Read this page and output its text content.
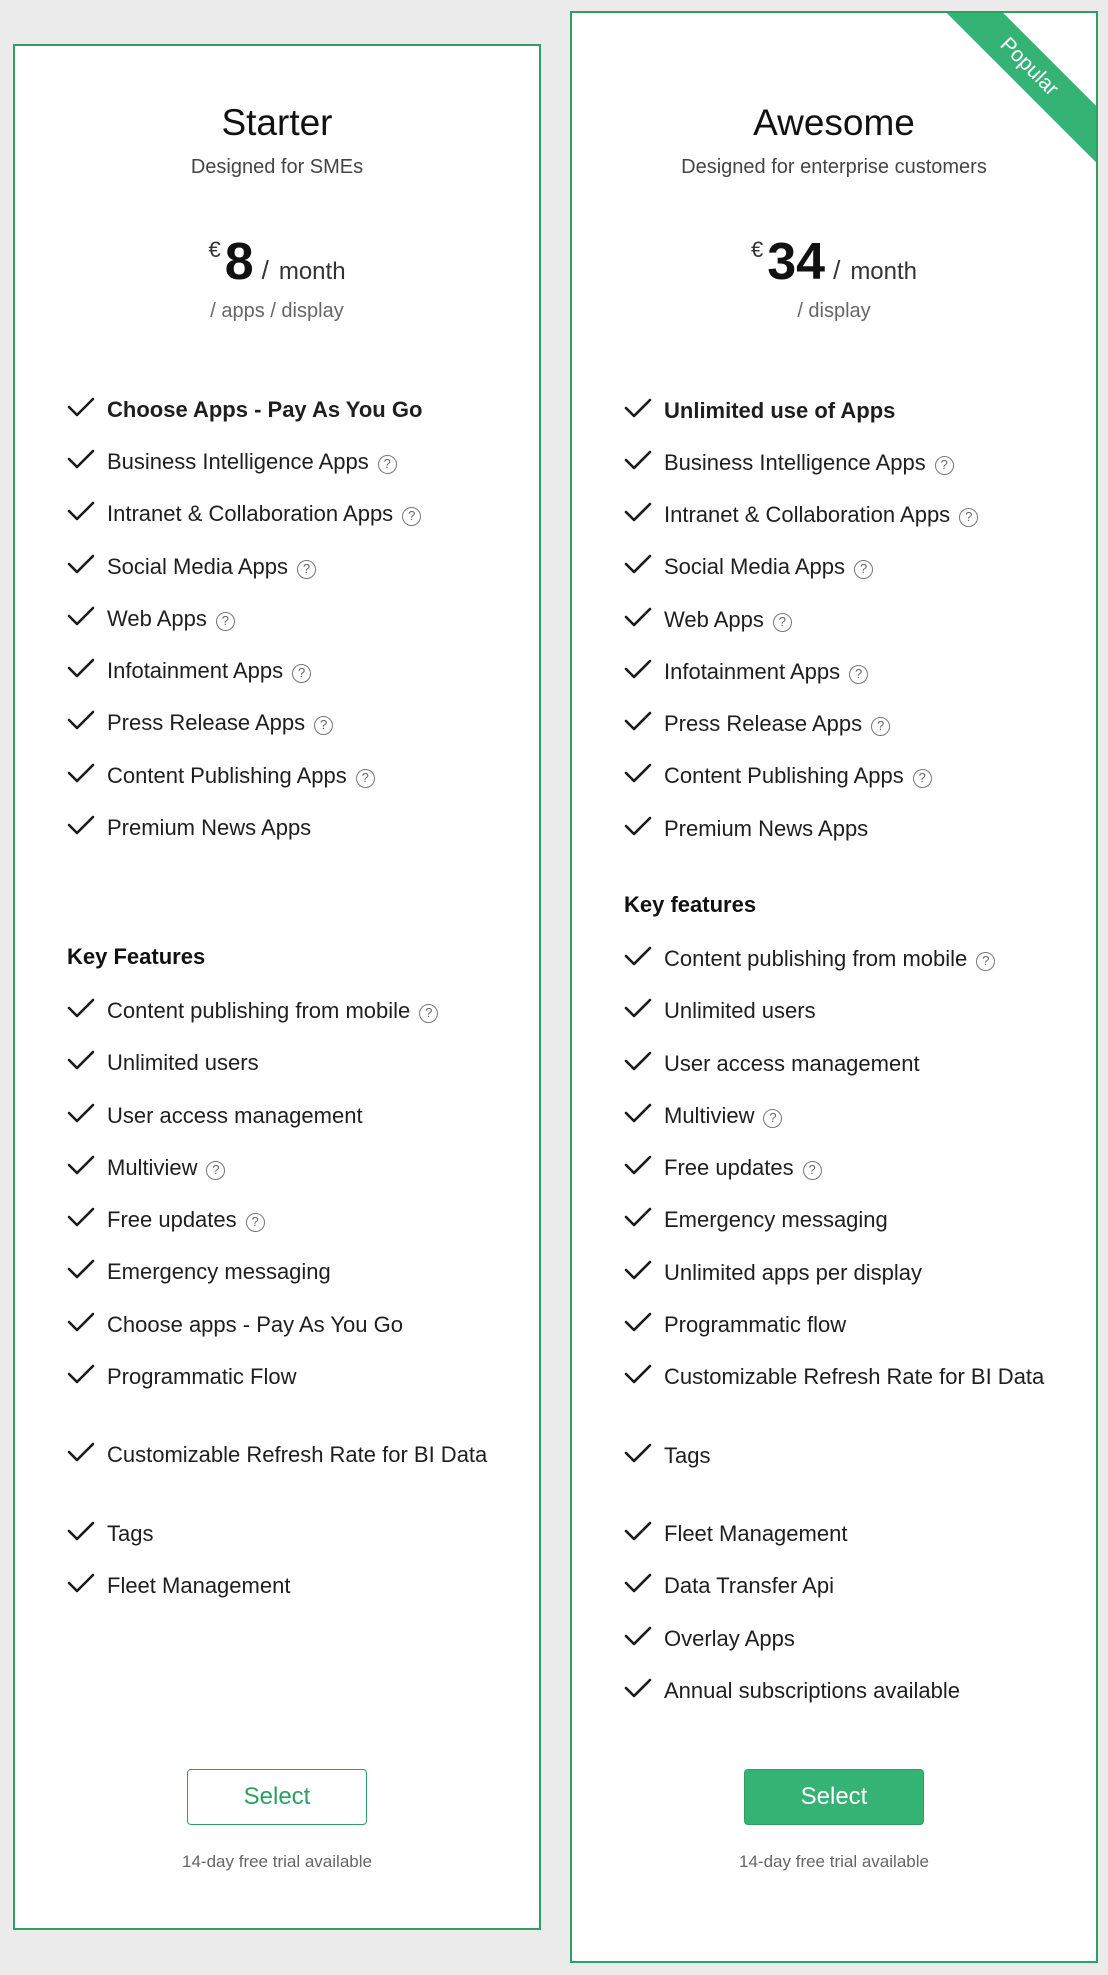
Starter
Designed for SMEs
€ 8 / month
/ apps / display
Choose Apps - Pay As You Go
Business Intelligence Apps ?
Intranet & Collaboration Apps ?
Social Media Apps ?
Web Apps ?
Infotainment Apps ?
Press Release Apps ?
Content Publishing Apps ?
Premium News Apps
Key Features
Content publishing from mobile ?
Unlimited users
User access management
Multiview ?
Free updates ?
Emergency messaging
Choose apps - Pay As You Go
Programmatic Flow
Customizable Refresh Rate for BI Data
Tags
Fleet Management
Select
14-day free trial available
Popular
Awesome
Designed for enterprise customers
€ 34 / month
/ display
Unlimited use of Apps
Business Intelligence Apps ?
Intranet & Collaboration Apps ?
Social Media Apps ?
Web Apps ?
Infotainment Apps ?
Press Release Apps ?
Content Publishing Apps ?
Premium News Apps
Key features
Content publishing from mobile ?
Unlimited users
User access management
Multiview ?
Free updates ?
Emergency messaging
Unlimited apps per display
Programmatic flow
Customizable Refresh Rate for BI Data
Tags
Fleet Management
Data Transfer Api
Overlay Apps
Annual subscriptions available
Select
14-day free trial available
